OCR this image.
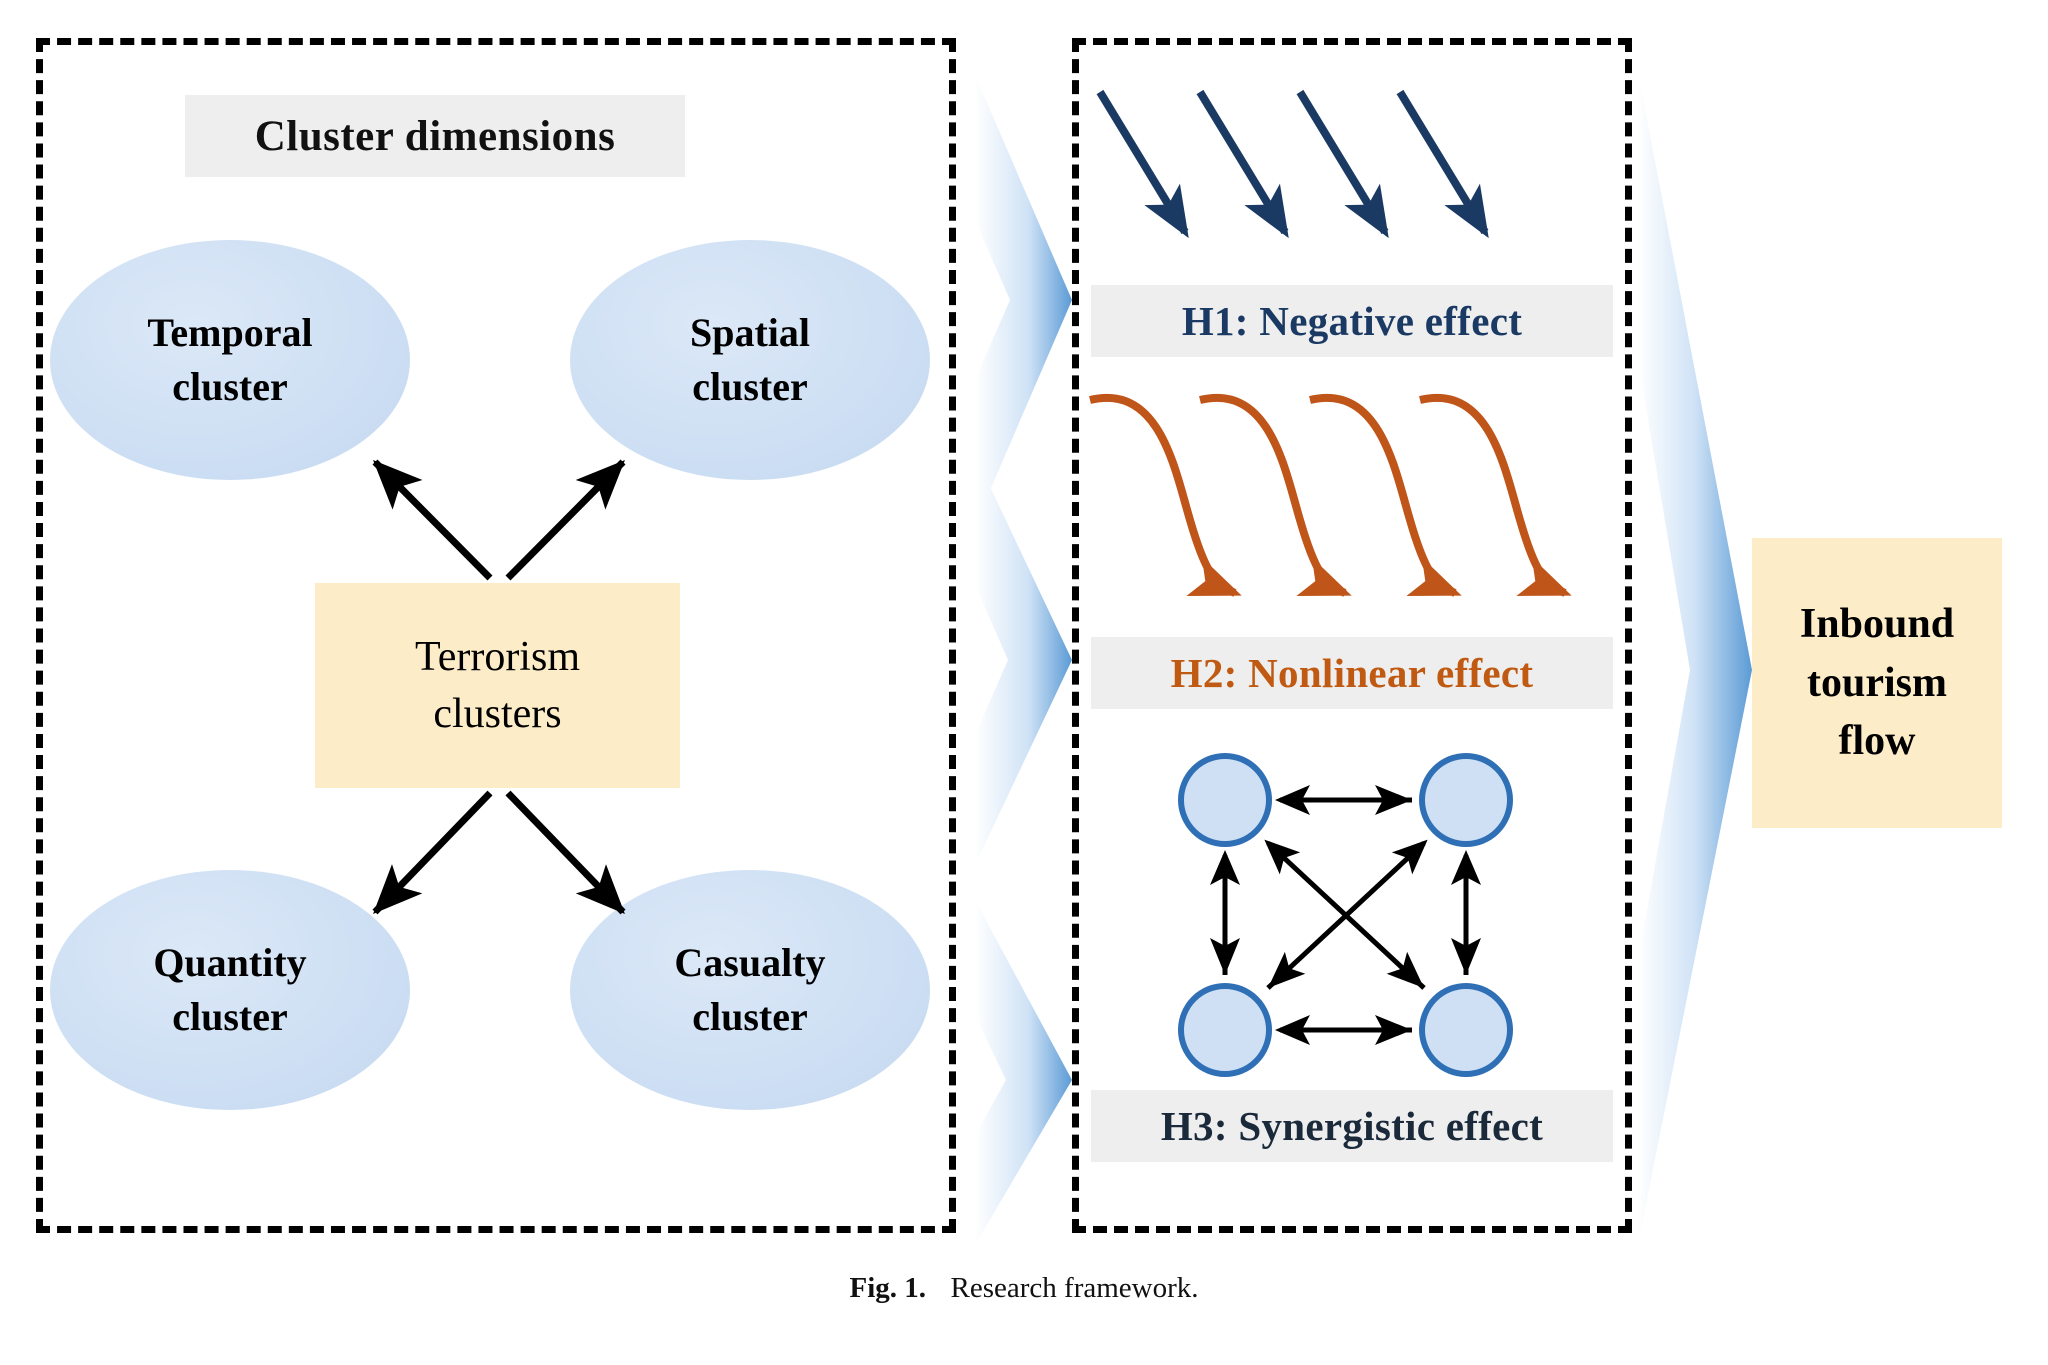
Cluster dimensions
Temporal
cluster
Spatial
cluster
Quantity
cluster
Casualty
cluster
Terrorism
clusters
H1: Negative effect
H2: Nonlinear effect
H3: Synergistic effect
Inbound
tourism
flow
Fig. 1. Research framework.
